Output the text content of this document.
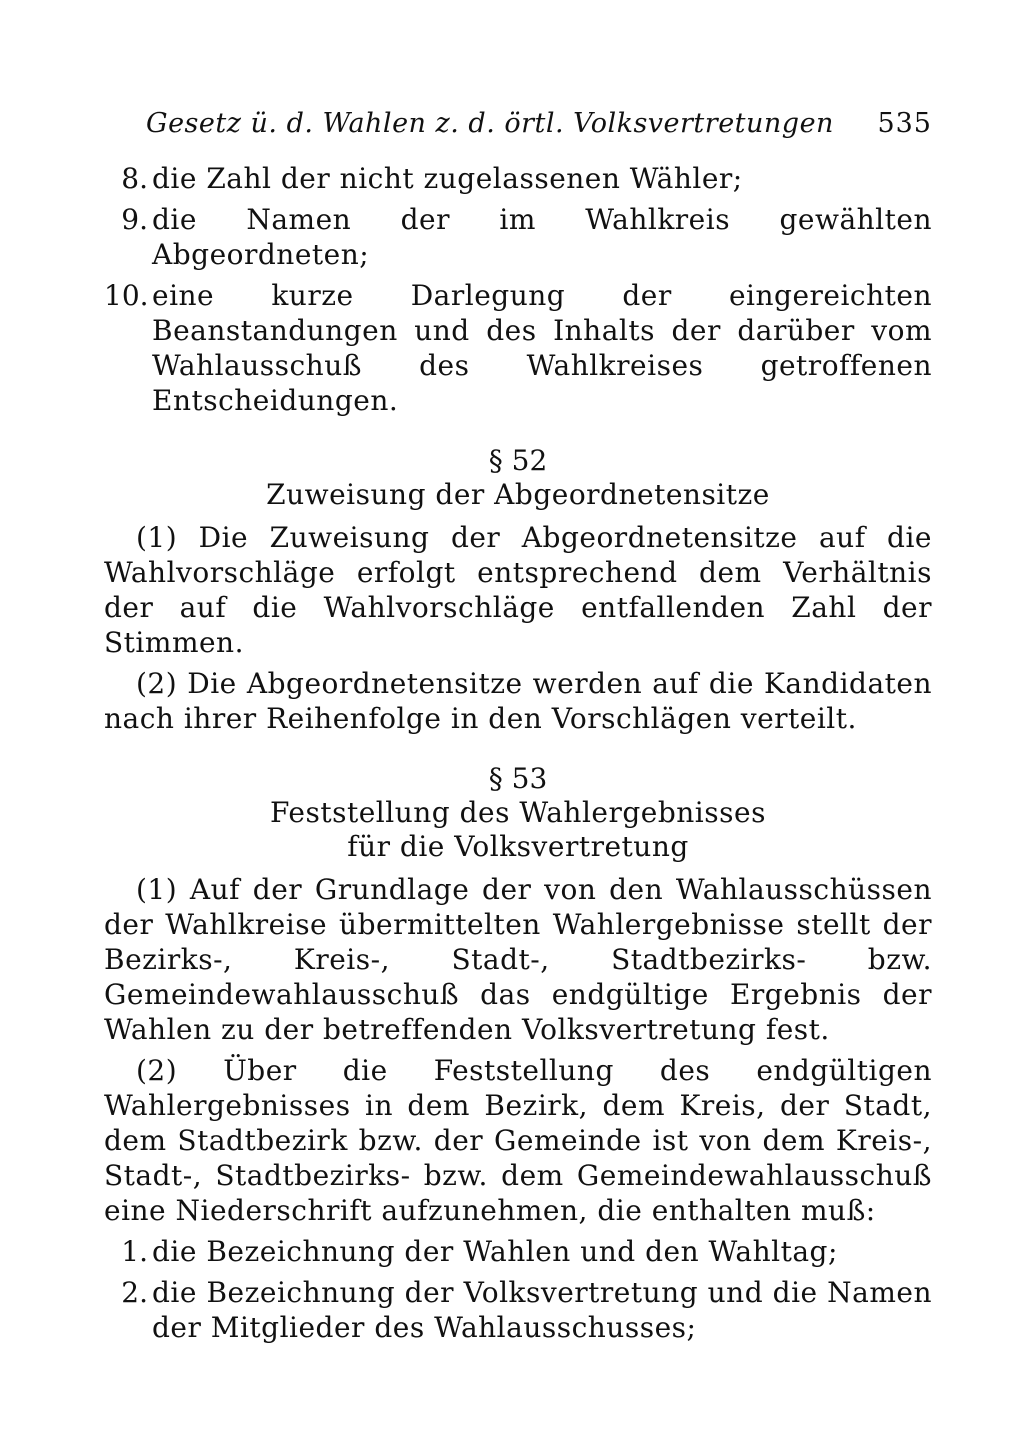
Gesetz ü. d. Wahlen z. d. örtl. Volksvertretungen 535
8. die Zahl der nicht zugelassenen Wähler;
9. die Namen der im Wahlkreis gewählten Abgeordneten;
10. eine kurze Darlegung der eingereichten Beanstandungen und des Inhalts der darüber vom Wahlausschuß des Wahlkreises getroffenen Entscheidungen.
§ 52
Zuweisung der Abgeordnetensitze

(1) Die Zuweisung der Abgeordnetensitze auf die Wahlvorschläge erfolgt entsprechend dem Verhältnis der auf die Wahlvorschläge entfallenden Zahl der Stimmen.

(2) Die Abgeordnetensitze werden auf die Kandidaten nach ihrer Reihenfolge in den Vorschlägen verteilt.

§ 53
Feststellung des Wahlergebnisses
für die Volksvertretung

(1) Auf der Grundlage der von den Wahlausschüssen der Wahlkreise übermittelten Wahlergebnisse stellt der Bezirks-, Kreis-, Stadt-, Stadtbezirks- bzw. Gemeindewahlausschuß das endgültige Ergebnis der Wahlen zu der betreffenden Volksvertretung fest.

(2) Über die Feststellung des endgültigen Wahlergebnisses in dem Bezirk, dem Kreis, der Stadt, dem Stadtbezirk bzw. der Gemeinde ist von dem Kreis-, Stadt-, Stadtbezirks- bzw. dem Gemeindewahlausschuß eine Niederschrift aufzunehmen, die enthalten muß:

1. die Bezeichnung der Wahlen und den Wahltag;
2. die Bezeichnung der Volksvertretung und die Namen der Mitglieder des Wahlausschusses;
